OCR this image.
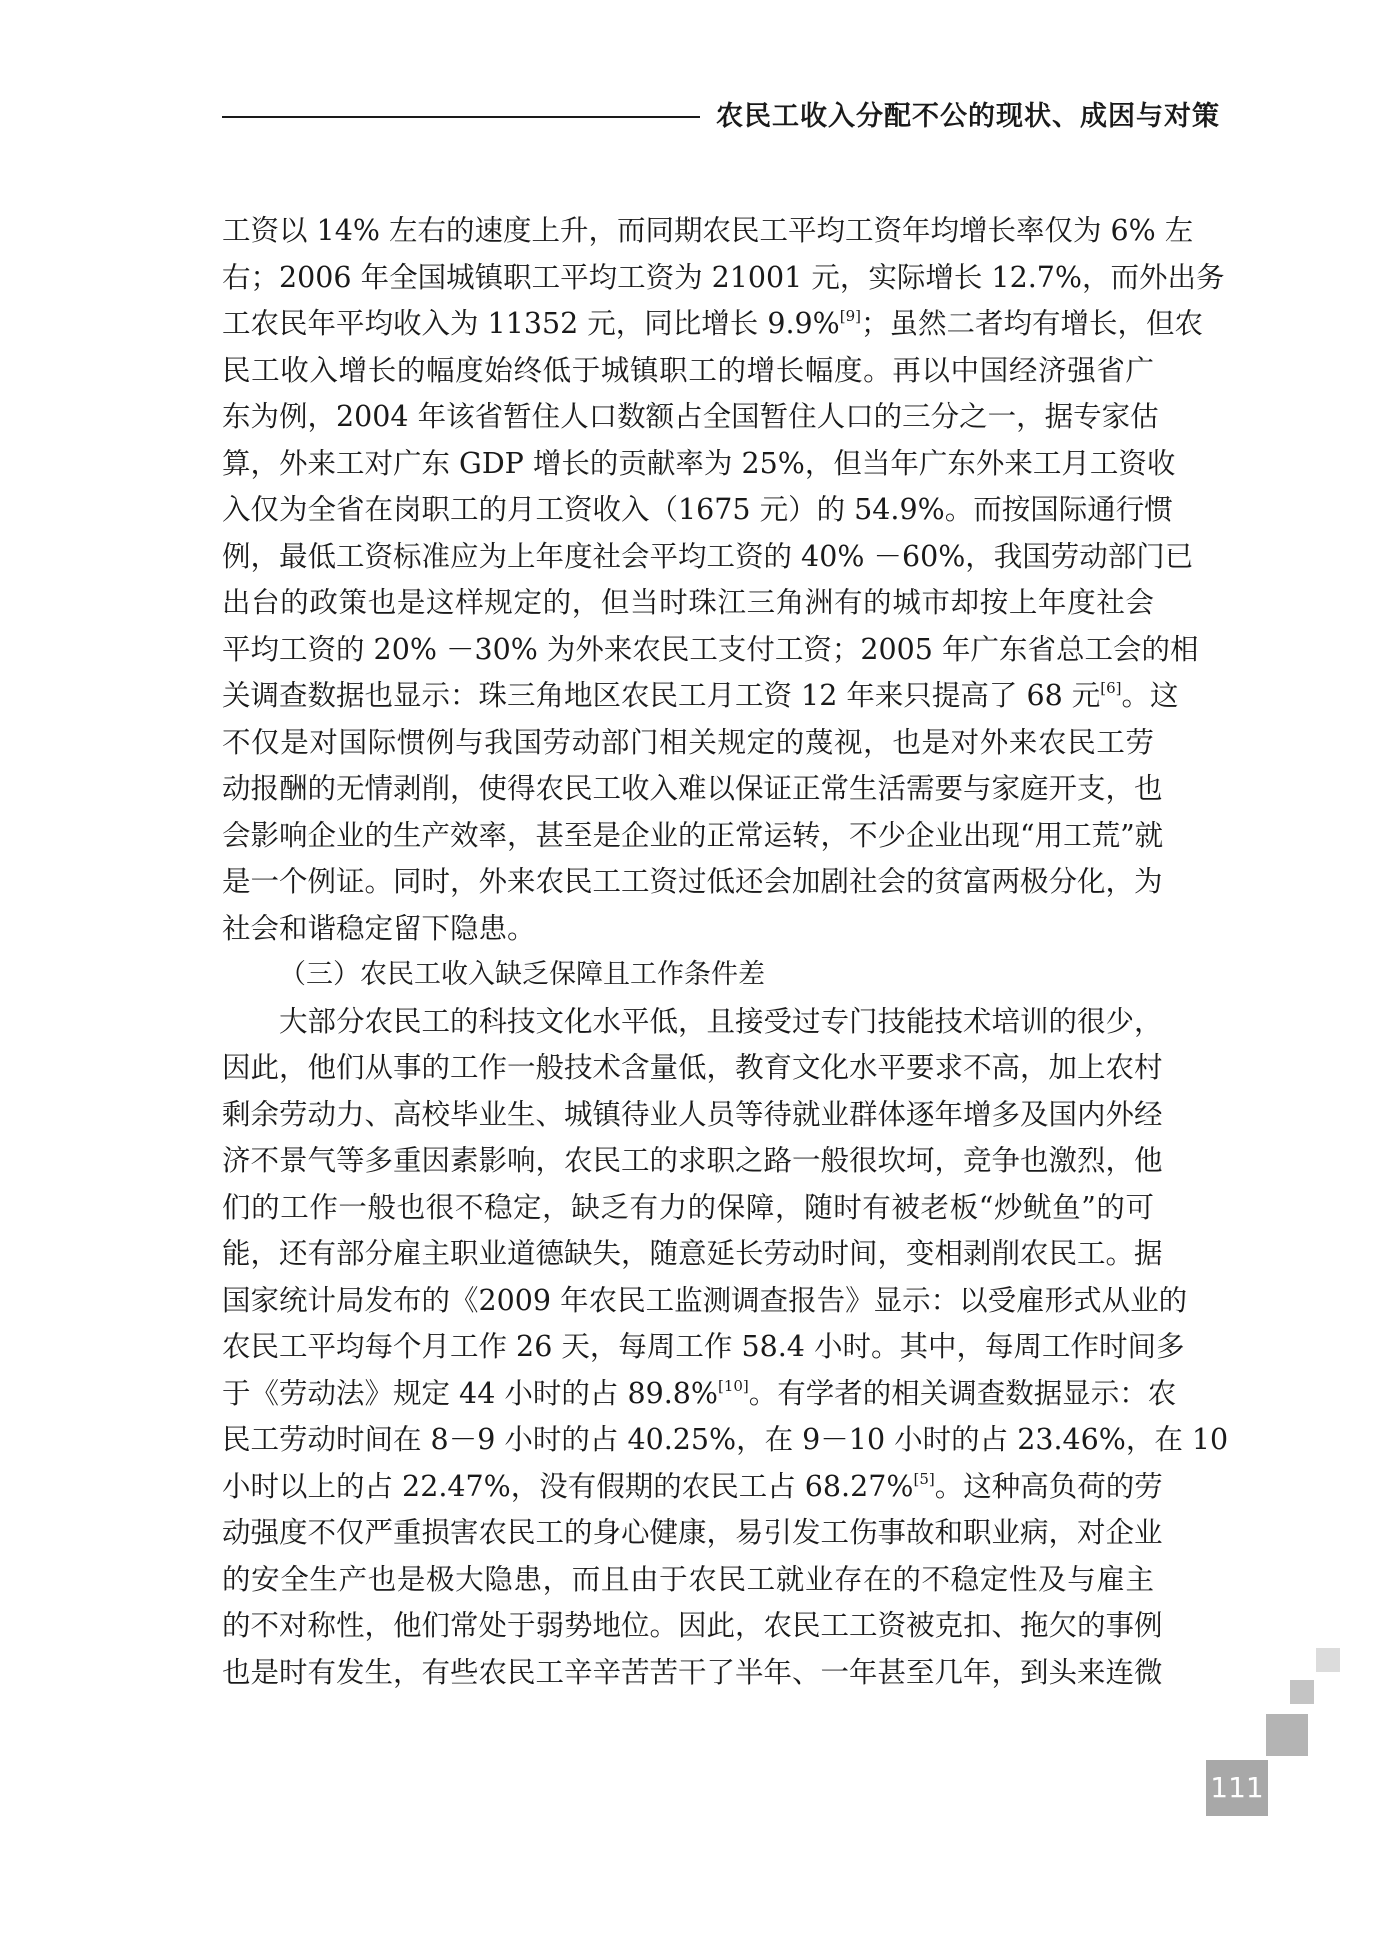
农民工收入分配不公的现状、成因与对策
工资以 14% 左右的速度上升，而同期农民工平均工资年均增长率仅为 6% 左
右；2006 年全国城镇职工平均工资为 21001 元，实际增长 12.7%，而外出务
工农民年平均收入为 11352 元，同比增长 9.9%[9]；虽然二者均有增长，但农
民工收入增长的幅度始终低于城镇职工的增长幅度。再以中国经济强省广
东为例，2004 年该省暂住人口数额占全国暂住人口的三分之一，据专家估
算，外来工对广东 GDP 增长的贡献率为 25%，但当年广东外来工月工资收
入仅为全省在岗职工的月工资收入（1675 元）的 54.9%。而按国际通行惯
例，最低工资标准应为上年度社会平均工资的 40% －60%，我国劳动部门已
出台的政策也是这样规定的，但当时珠江三角洲有的城市却按上年度社会
平均工资的 20% －30% 为外来农民工支付工资；2005 年广东省总工会的相
关调查数据也显示：珠三角地区农民工月工资 12 年来只提高了 68 元[6]。这
不仅是对国际惯例与我国劳动部门相关规定的蔑视，也是对外来农民工劳
动报酬的无情剥削，使得农民工收入难以保证正常生活需要与家庭开支，也
会影响企业的生产效率，甚至是企业的正常运转，不少企业出现“用工荒”就
是一个例证。同时，外来农民工工资过低还会加剧社会的贫富两极分化，为
社会和谐稳定留下隐患。
（三）农民工收入缺乏保障且工作条件差
大部分农民工的科技文化水平低，且接受过专门技能技术培训的很少，
因此，他们从事的工作一般技术含量低，教育文化水平要求不高，加上农村
剩余劳动力、高校毕业生、城镇待业人员等待就业群体逐年增多及国内外经
济不景气等多重因素影响，农民工的求职之路一般很坎坷，竞争也激烈，他
们的工作一般也很不稳定，缺乏有力的保障，随时有被老板“炒鱿鱼”的可
能，还有部分雇主职业道德缺失，随意延长劳动时间，变相剥削农民工。据
国家统计局发布的《2009 年农民工监测调查报告》显示：以受雇形式从业的
农民工平均每个月工作 26 天，每周工作 58.4 小时。其中，每周工作时间多
于《劳动法》规定 44 小时的占 89.8%[10]。有学者的相关调查数据显示：农
民工劳动时间在 8－9 小时的占 40.25%，在 9－10 小时的占 23.46%，在 10
小时以上的占 22.47%，没有假期的农民工占 68.27%[5]。这种高负荷的劳
动强度不仅严重损害农民工的身心健康，易引发工伤事故和职业病，对企业
的安全生产也是极大隐患，而且由于农民工就业存在的不稳定性及与雇主
的不对称性，他们常处于弱势地位。因此，农民工工资被克扣、拖欠的事例
也是时有发生，有些农民工辛辛苦苦干了半年、一年甚至几年，到头来连微
111
